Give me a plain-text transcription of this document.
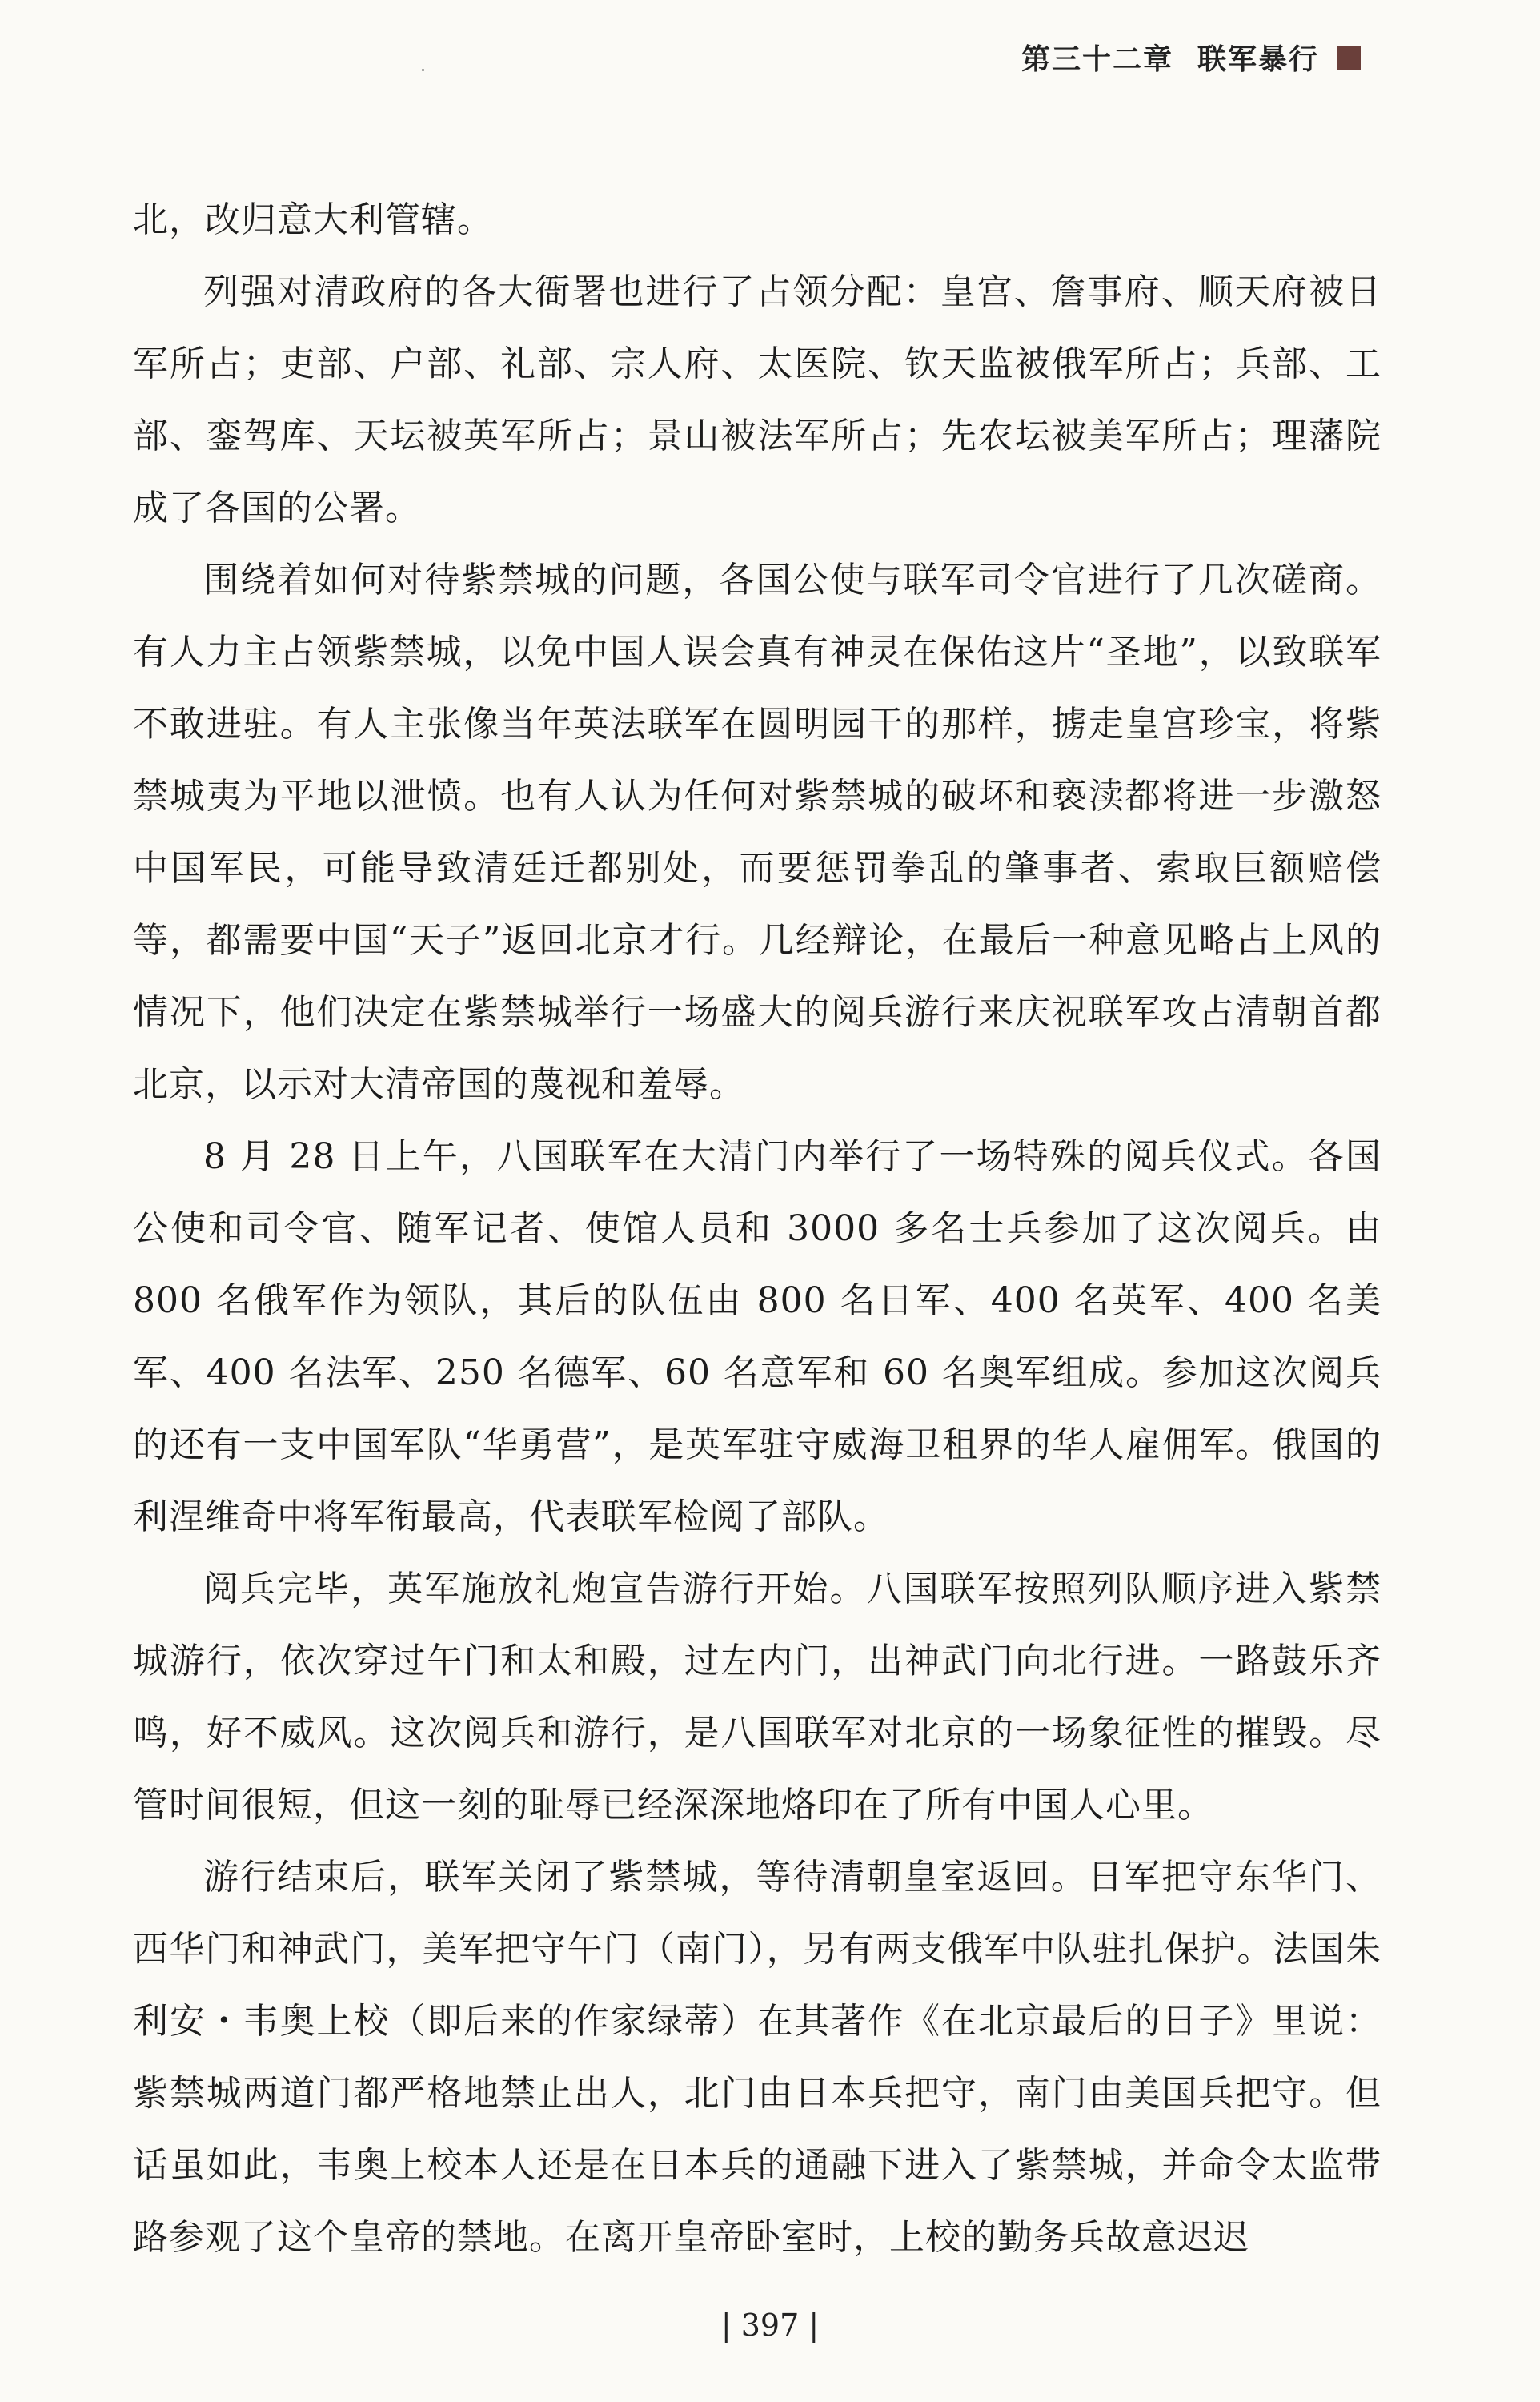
第三十二章 联军暴行

北，改归意大利管辖。

列强对清政府的各大衙署也进行了占领分配：皇宫、詹事府、顺天府被日军所占；吏部、户部、礼部、宗人府、太医院、钦天监被俄军所占；兵部、工部、銮驾库、天坛被英军所占；景山被法军所占；先农坛被美军所占；理藩院成了各国的公署。

围绕着如何对待紫禁城的问题，各国公使与联军司令官进行了几次磋商。有人力主占领紫禁城，以免中国人误会真有神灵在保佑这片“圣地”，以致联军不敢进驻。有人主张像当年英法联军在圆明园干的那样，掳走皇宫珍宝，将紫禁城夷为平地以泄愤。也有人认为任何对紫禁城的破坏和亵渎都将进一步激怒中国军民，可能导致清廷迁都别处，而要惩罚拳乱的肇事者、索取巨额赔偿等，都需要中国“天子”返回北京才行。几经辩论，在最后一种意见略占上风的情况下，他们决定在紫禁城举行一场盛大的阅兵游行来庆祝联军攻占清朝首都北京，以示对大清帝国的蔑视和羞辱。

8 月 28 日上午，八国联军在大清门内举行了一场特殊的阅兵仪式。各国公使和司令官、随军记者、使馆人员和 3000 多名士兵参加了这次阅兵。由 800 名俄军作为领队，其后的队伍由 800 名日军、400 名英军、400 名美军、400 名法军、250 名德军、60 名意军和 60 名奥军组成。参加这次阅兵的还有一支中国军队“华勇营”，是英军驻守威海卫租界的华人雇佣军。俄国的利涅维奇中将军衔最高，代表联军检阅了部队。

阅兵完毕，英军施放礼炮宣告游行开始。八国联军按照列队顺序进入紫禁城游行，依次穿过午门和太和殿，过左内门，出神武门向北行进。一路鼓乐齐鸣，好不威风。这次阅兵和游行，是八国联军对北京的一场象征性的摧毁。尽管时间很短，但这一刻的耻辱已经深深地烙印在了所有中国人心里。

游行结束后，联军关闭了紫禁城，等待清朝皇室返回。日军把守东华门、西华门和神武门，美军把守午门（南门），另有两支俄军中队驻扎保护。法国朱利安・韦奥上校（即后来的作家绿蒂）在其著作《在北京最后的日子》里说：紫禁城两道门都严格地禁止出人，北门由日本兵把守，南门由美国兵把守。但话虽如此，韦奥上校本人还是在日本兵的通融下进入了紫禁城，并命令太监带路参观了这个皇帝的禁地。在离开皇帝卧室时，上校的勤务兵故意迟迟

| 397 |
